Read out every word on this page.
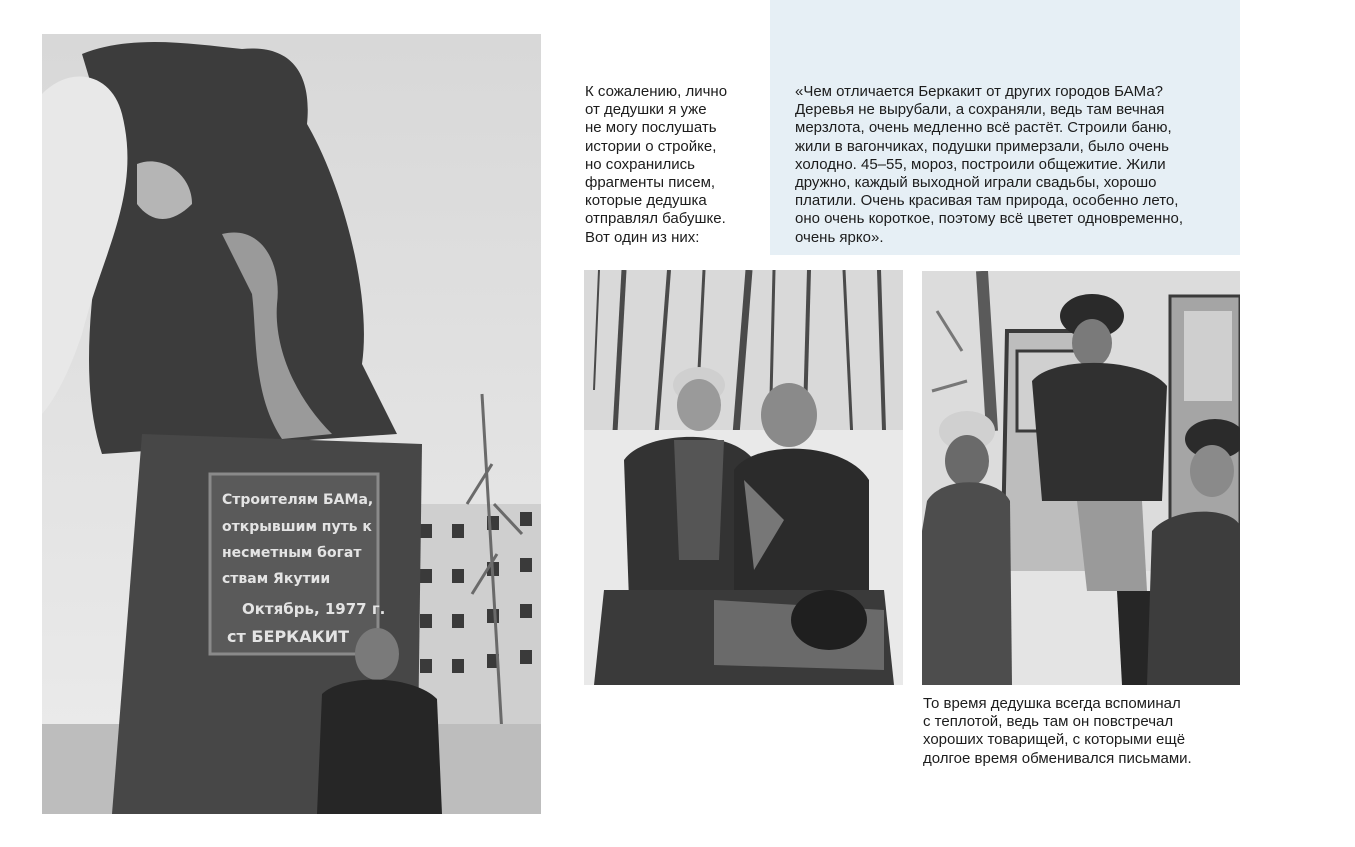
Строителям БАМа,
открывшим путь к
несметным богат
ствам Якутии
Октябрь, 1977 г.
ст БЕРКАКИТ

К сожалению, лично
от дедушки я уже
не могу послушать
истории о стройке,
но сохранились
фрагменты писем,
которые дедушка
отправлял бабушке.
Вот один из них:

«Чем отличается Беркакит от других городов БАМа?
Деревья не вырубали, а сохраняли, ведь там вечная
мерзлота, очень медленно всё растёт. Строили баню,
жили в вагончиках, подушки примерзали, было очень
холодно. 45–55, мороз, построили общежитие. Жили
дружно, каждый выходной играли свадьбы, хорошо
платили. Очень красивая там природа, особенно лето,
оно очень короткое, поэтому всё цветет одновременно,
очень ярко».

То время дедушка всегда вспоминал
с теплотой, ведь там он повстречал
хороших товарищей, с которыми ещё
долгое время обменивался письмами.
